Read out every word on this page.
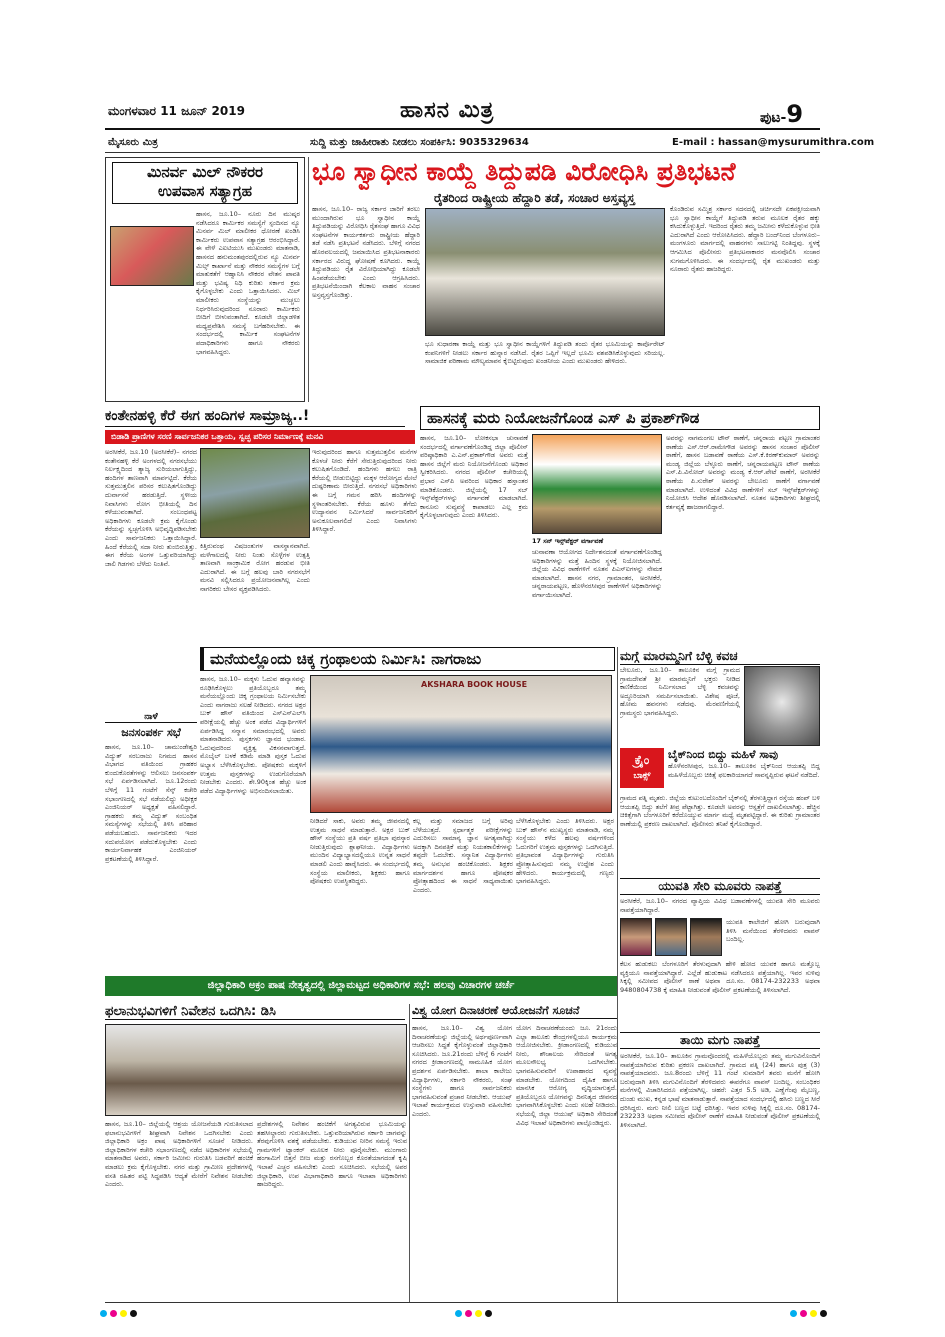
ಮಂಗಳವಾರ 11 ಜೂನ್ 2019	ಹಾಸನ ಮಿತ್ರ	ಪುಟ-9
ಮೈಸೂರು ಮಿತ್ರ	ಸುದ್ದಿ ಮತ್ತು ಜಾಹೀರಾತು ನೀಡಲು ಸಂಪರ್ಕಿಸಿ: 9035329634	E-mail : hassan@mysurumithra.com
ಮಿನರ್ವ ಮಿಲ್ ನೌಕರರ
ಉಪವಾಸ ಸತ್ಯಾಗ್ರಹ
ಹಾಸನ, ಜೂ.10– ನೂರು ದಿನ ಮುಷ್ಕರ ನಡೆಸಿದರೂ ಕಾರ್ಮಿಕರ ಸಮಸ್ಯೆಗೆ ಸ್ಪಂದಿಸದ ನ್ಯೂ ಮಿನರ್ವ ಮಿಲ್ ಮಾಲೀಕರ ಧೋರಣೆ ಖಂಡಿಸಿ ಕಾರ್ಮಿಕರು ಉಪವಾಸ ಸತ್ಯಾಗ್ರಹ ಆರಂಭಿಸಿದ್ದಾರೆ. ಈ ವೇಳೆ ಎಐಟಿಯುಸಿ ಮುಖಂಡರು ಮಾತನಾಡಿ, ಹಾಸನದ ಹನುಮಂತಪುರದಲ್ಲಿರುವ ನ್ಯೂ ಮಿನರ್ವ ಮಿಲ್ಸ್ ಕಾರ್ಖಾನೆ ಮತ್ತು ನೌಕರರ ಸಮಸ್ಯೆಗಳ ಬಗ್ಗೆ ಮಾತುಕತೆಗೆ ಆಹ್ವಾನಿಸಿ ನೌಕರರ ವೇತನ ಪಾವತಿ ಮತ್ತು ಭವಿಷ್ಯ ನಿಧಿ ಕುರಿತು ಸರ್ಕಾರ ಕ್ರಮ ಕೈಗೊಳ್ಳಬೇಕು ಎಂದು ಒತ್ತಾಯಿಸಿದರು. ಮಿಲ್ ಮಾಲೀಕರು ಸಂಸ್ಥೆಯನ್ನು ಮುಚ್ಚಲು ನಿರ್ಧರಿಸಿರುವುದರಿಂದ ನೂರಾರು ಕಾರ್ಮಿಕರು ಬೀದಿಗೆ ಬೀಳುವಂತಾಗಿದೆ. ಕೂಡಲೇ ಜಿಲ್ಲಾಡಳಿತ ಮಧ್ಯಪ್ರವೇಶಿಸಿ ಸಮಸ್ಯೆ ಬಗೆಹರಿಸಬೇಕು. ಈ ಸಂದರ್ಭದಲ್ಲಿ ಕಾರ್ಮಿಕ ಸಂಘಟನೆಗಳ ಪದಾಧಿಕಾರಿಗಳು ಹಾಗೂ ನೌಕರರು ಭಾಗವಹಿಸಿದ್ದರು.
ಭೂ ಸ್ವಾಧೀನ ಕಾಯ್ದೆ ತಿದ್ದುಪಡಿ ವಿರೋಧಿಸಿ ಪ್ರತಿಭಟನೆ
ರೈತರಿಂದ ರಾಷ್ಟ್ರೀಯ ಹೆದ್ದಾರಿ ತಡೆ, ಸಂಚಾರ ಅಸ್ತವ್ಯಸ್ತ
ಹಾಸನ, ಜೂ.10– ರಾಜ್ಯ ಸರ್ಕಾರ ಜಾರಿಗೆ ತರಲು ಮುಂದಾಗಿರುವ ಭೂ ಸ್ವಾಧೀನ ಕಾಯ್ದೆ ತಿದ್ದುಪಡಿಯನ್ನು ವಿರೋಧಿಸಿ ರೈತಸಂಘ ಹಾಗೂ ವಿವಿಧ ಸಂಘಟನೆಗಳ ಕಾರ್ಯಕರ್ತರು ರಾಷ್ಟ್ರೀಯ ಹೆದ್ದಾರಿ ತಡೆ ನಡೆಸಿ ಪ್ರತಿಭಟನೆ ನಡೆಸಿದರು. ಬೆಳಿಗ್ಗೆ ನಗರದ ಹೊರವಲಯದಲ್ಲಿ ಜಮಾಯಿಸಿದ ಪ್ರತಿಭಟನಾಕಾರರು ಸರ್ಕಾರದ ವಿರುದ್ಧ ಘೋಷಣೆ ಕೂಗಿದರು. ಕಾಯ್ದೆ ತಿದ್ದುಪಡಿಯು ರೈತ ವಿರೋಧಿಯಾಗಿದ್ದು ಕೂಡಲೇ ಹಿಂಪಡೆಯಬೇಕು ಎಂದು ಆಗ್ರಹಿಸಿದರು. ಪ್ರತಿಭಟನೆಯಿಂದಾಗಿ ಕೆಲಕಾಲ ವಾಹನ ಸಂಚಾರ ಅಸ್ತವ್ಯಸ್ತಗೊಂಡಿತ್ತು.
ಭೂ ಸುಧಾರಣಾ ಕಾಯ್ದೆ ಮತ್ತು ಭೂ ಸ್ವಾಧೀನ ಕಾಯ್ದೆಗಳಿಗೆ ತಿದ್ದುಪಡಿ ತಂದು ರೈತರ ಭೂಮಿಯನ್ನು ಕಾರ್ಪೊರೇಟ್ ಕಂಪನಿಗಳಿಗೆ ನೀಡಲು ಸರ್ಕಾರ ಹುನ್ನಾರ ನಡೆಸಿದೆ. ರೈತರ ಒಪ್ಪಿಗೆ ಇಲ್ಲದೆ ಭೂಮಿ ವಶಪಡಿಸಿಕೊಳ್ಳುವುದು ಸರಿಯಲ್ಲ. ಸಾಮಾಜಿಕ ಪರಿಣಾಮ ಮೌಲ್ಯಮಾಪನ ಕೈಬಿಟ್ಟಿರುವುದು ಖಂಡನೀಯ ಎಂದು ಮುಖಂಡರು ಹೇಳಿದರು.
ಕೊಂಡಿರುವ ಸಮ್ಮಿಶ್ರ ಸರ್ಕಾರ ಸದನದಲ್ಲಿ ಚರ್ಚಿಸದೇ ಏಕಪಕ್ಷೀಯವಾಗಿ ಭೂ ಸ್ವಾಧೀನ ಕಾಯ್ದೆಗೆ ತಿದ್ದುಪಡಿ ತರುವ ಮೂಲಕ ರೈತರ ಹಕ್ಕು ಕಸಿದುಕೊಳ್ಳುತ್ತಿದೆ. ಇದರಿಂದ ರೈತರು ತಮ್ಮ ಜಮೀನು ಕಳೆದುಕೊಳ್ಳುವ ಭೀತಿ ಎದುರಾಗಿದೆ ಎಂದು ಆರೋಪಿಸಿದರು. ಹೆದ್ದಾರಿ ಬಂದ್‌ನಿಂದ ಬೆಂಗಳೂರು–ಮಂಗಳೂರು ಮಾರ್ಗದಲ್ಲಿ ವಾಹನಗಳು ಸಾಲುಗಟ್ಟಿ ನಿಂತಿದ್ದವು. ಸ್ಥಳಕ್ಕೆ ಆಗಮಿಸಿದ ಪೊಲೀಸರು ಪ್ರತಿಭಟನಾಕಾರರ ಮನವೊಲಿಸಿ ಸಂಚಾರ ಸುಗಮಗೊಳಿಸಿದರು. ಈ ಸಂದರ್ಭದಲ್ಲಿ ರೈತ ಮುಖಂಡರು ಮತ್ತು ನೂರಾರು ರೈತರು ಹಾಜರಿದ್ದರು.
ಕಂತೇನಹಳ್ಳಿ ಕೆರೆ ಈಗ ಹಂದಿಗಳ ಸಾಮ್ರಾಜ್ಯ..!
ಬಿಡಾಡಿ ಪ್ರಾಣಿಗಳ ಸರಣಿ ಸಾರ್ವಜನಿಕರ ಒತ್ತಾಯ, ಸ್ವಚ್ಛ ಪರಿಸರ ನಿರ್ಮಾಣಕ್ಕೆ ಮನವಿ
ಅರಸೀಕೆರೆ, ಜೂ.10 (ಅರಸೀಕೆರೆ)– ನಗರದ ಕಂತೇನಹಳ್ಳಿ ಕೆರೆ ಅಂಗಳದಲ್ಲಿ ನಗರಸಭೆಯು ನಿರ್ಲಕ್ಷ್ಯದಿಂದ ತ್ಯಾಜ್ಯ ಸುರಿಯಲಾಗುತ್ತಿದ್ದು, ಹಂದಿಗಳ ತಾಣವಾಗಿ ಮಾರ್ಪಟ್ಟಿದೆ. ಕೆರೆಯ ಸುತ್ತಮುತ್ತಲಿನ ಪರಿಸರ ಕಲುಷಿತಗೊಂಡಿದ್ದು ದುರ್ವಾಸನೆ ಹರಡುತ್ತಿದೆ. ಸ್ಥಳೀಯ ನಿವಾಸಿಗಳು ರೋಗ ಭೀತಿಯಲ್ಲಿ ದಿನ ಕಳೆಯುವಂತಾಗಿದೆ. ಸಂಬಂಧಪಟ್ಟ ಅಧಿಕಾರಿಗಳು ಕೂಡಲೇ ಕ್ರಮ ಕೈಗೊಂಡು ಕೆರೆಯನ್ನು ಸ್ವಚ್ಛಗೊಳಿಸಿ ಅಭಿವೃದ್ಧಿಪಡಿಸಬೇಕು ಎಂದು ಸಾರ್ವಜನಿಕರು ಒತ್ತಾಯಿಸಿದ್ದಾರೆ. ಹಿಂದೆ ಕೆರೆಯಲ್ಲಿ ಸದಾ ನೀರು ತುಂಬಿರುತ್ತಿತ್ತು. ಈಗ ಕೆರೆಯ ಅಂಗಳ ಒತ್ತುವರಿಯಾಗಿದ್ದು ಜಾಲಿ ಗಿಡಗಳು ಬೆಳೆದು ನಿಂತಿವೆ.
ಇರುವುದರಿಂದ ಹಾಗೂ ಸುತ್ತಮುತ್ತಲಿನ ಮನೆಗಳ ಕೊಳಚೆ ನೀರು ಕೆರೆಗೆ ಸೇರುತ್ತಿರುವುದರಿಂದ ನೀರು ಕಲುಷಿತಗೊಂಡಿದೆ. ಹಂದಿಗಳು ಹಗಲು ರಾತ್ರಿ ಕೆರೆಯಲ್ಲಿ ಬೀಡುಬಿಟ್ಟಿದ್ದು ಮಕ್ಕಳ ಆರೋಗ್ಯದ ಮೇಲೆ ದುಷ್ಪರಿಣಾಮ ಬೀರುತ್ತಿದೆ. ನಗರಸಭೆ ಅಧಿಕಾರಿಗಳು ಈ ಬಗ್ಗೆ ಗಮನ ಹರಿಸಿ ಹಂದಿಗಳನ್ನು ಸ್ಥಳಾಂತರಿಸಬೇಕು. ಕೆರೆಯ ಹೂಳು ತೆಗೆದು ಉದ್ಯಾನವನ ನಿರ್ಮಿಸಿದರೆ ಸಾರ್ವಜನಿಕರಿಗೆ ಅನುಕೂಲವಾಗಲಿದೆ ಎಂದು ನಿವಾಸಿಗಳು ತಿಳಿಸಿದ್ದಾರೆ.
ಕಿತ್ತಿರುವಂಥ ವಿಷಜಂತುಗಳ ವಾಸಸ್ಥಾನವಾಗಿದೆ. ಮಳೆಗಾಲದಲ್ಲಿ ನೀರು ನಿಂತು ಸೊಳ್ಳೆಗಳ ಉತ್ಪತ್ತಿ ತಾಣವಾಗಿ ಸಾಂಕ್ರಾಮಿಕ ರೋಗ ಹರಡುವ ಭೀತಿ ಎದುರಾಗಿದೆ. ಈ ಬಗ್ಗೆ ಹಲವು ಬಾರಿ ನಗರಸಭೆಗೆ ಮನವಿ ಸಲ್ಲಿಸಿದರೂ ಪ್ರಯೋಜನವಾಗಿಲ್ಲ ಎಂದು ನಾಗರಿಕರು ಬೇಸರ ವ್ಯಕ್ತಪಡಿಸಿದರು.
ಹಾಸನಕ್ಕೆ ಮರು ನಿಯೋಜನೆಗೊಂಡ ಎಸ್ ಪಿ ಪ್ರಕಾಶ್‌ಗೌಡ
ಹಾಸನ, ಜೂ.10– ಲೋಕಸಭಾ ಚುನಾವಣೆ ಸಂದರ್ಭದಲ್ಲಿ ವರ್ಗಾವಣೆಗೊಂಡಿದ್ದ ಜಿಲ್ಲಾ ಪೊಲೀಸ್ ವರಿಷ್ಠಾಧಿಕಾರಿ ಎ.ಎನ್.ಪ್ರಕಾಶ್‌ಗೌಡ ಅವರು ಮತ್ತೆ ಹಾಸನ ಜಿಲ್ಲೆಗೆ ಮರು ನಿಯೋಜನೆಗೊಂಡು ಅಧಿಕಾರ ಸ್ವೀಕರಿಸಿದರು. ನಗರದ ಪೊಲೀಸ್ ಕಚೇರಿಯಲ್ಲಿ ಪ್ರಭಾರ ಎಸ್‌ಪಿ ಅವರಿಂದ ಅಧಿಕಾರ ಹಸ್ತಾಂತರ ಮಾಡಿಕೊಂಡರು. ಜಿಲ್ಲೆಯಲ್ಲಿ 17 ಸಬ್ ಇನ್ಸ್‌ಪೆಕ್ಟರ್‌ಗಳನ್ನು ವರ್ಗಾವಣೆ ಮಾಡಲಾಗಿದೆ. ಕಾನೂನು ಸುವ್ಯವಸ್ಥೆ ಕಾಪಾಡಲು ಎಲ್ಲ ಕ್ರಮ ಕೈಗೊಳ್ಳಲಾಗುವುದು ಎಂದು ತಿಳಿಸಿದರು.
17 ಸನ್ ಇನ್ಸ್‌ಪೆಕ್ಟರ್ ವರ್ಗಾವಣೆ
ಚುನಾವಣಾ ಆಯೋಗದ ನಿರ್ದೇಶನದಂತೆ ವರ್ಗಾವಣೆಗೊಂಡಿದ್ದ ಅಧಿಕಾರಿಗಳನ್ನು ಮತ್ತೆ ಹಿಂದಿನ ಸ್ಥಳಕ್ಕೆ ನಿಯೋಜಿಸಲಾಗಿದೆ. ಜಿಲ್ಲೆಯ ವಿವಿಧ ಠಾಣೆಗಳಿಗೆ ನೂತನ ಪಿಎಸ್‌ಐಗಳನ್ನು ನೇಮಕ ಮಾಡಲಾಗಿದೆ. ಹಾಸನ ನಗರ, ಗ್ರಾಮಾಂತರ, ಅರಸೀಕೆರೆ, ಚನ್ನರಾಯಪಟ್ಟಣ, ಹೊಳೆನರಸೀಪುರ ಠಾಣೆಗಳಿಗೆ ಅಧಿಕಾರಿಗಳನ್ನು ವರ್ಗಾಯಿಸಲಾಗಿದೆ.
ಅವರನ್ನು ನಾಗಮಂಗಲ ಟೌನ್ ಠಾಣೆಗೆ, ಚನ್ನರಾಯ ಪಟ್ಟಣ ಗ್ರಾಮಾಂತರ ಠಾಣೆಯ ಎಸ್.ಆರ್.ರಾಮೇಗೌಡ ಅವರನ್ನು ಹಾಸನ ಸಂಚಾರ ಪೊಲೀಸ್ ಠಾಣೆಗೆ, ಹಾಸನ ಬಡಾವಣೆ ಠಾಣೆಯ ಎಸ್.ಕೆ.ಕಿರಣ್‌ಕುಮಾರ್ ಅವರನ್ನು ಮಂಡ್ಯ ಜಿಲ್ಲೆಯ ಬೆಳ್ಳೂರು ಠಾಣೆಗೆ, ಚನ್ನರಾಯಪಟ್ಟಣ ಟೌನ್ ಠಾಣೆಯ ಎಸ್.ಪಿ.ವಿನೋದ್ ಅವರನ್ನು ಮಂಡ್ಯ ಕೆ.ಆರ್.ಪೇಟೆ ಠಾಣೆಗೆ, ಅರಸೀಕೆರೆ ಠಾಣೆಯ ಪಿ.ಸುರೇಶ್ ಅವರನ್ನು ಬೇಲೂರು ಠಾಣೆಗೆ ವರ್ಗಾವಣೆ ಮಾಡಲಾಗಿದೆ. ಉಳಿದಂತೆ ವಿವಿಧ ಠಾಣೆಗಳಿಗೆ ಸಬ್ ಇನ್ಸ್‌ಪೆಕ್ಟರ್‌ಗಳನ್ನು ನಿಯೋಜಿಸಿ ಆದೇಶ ಹೊರಡಿಸಲಾಗಿದೆ. ನೂತನ ಅಧಿಕಾರಿಗಳು ಶೀಘ್ರದಲ್ಲಿ ಕರ್ತವ್ಯಕ್ಕೆ ಹಾಜರಾಗಲಿದ್ದಾರೆ.
ಮನೆಯಲ್ಲೊಂದು ಚಿಕ್ಕ ಗ್ರಂಥಾಲಯ ನಿರ್ಮಿಸಿ: ನಾಗರಾಜು
AKSHARA BOOK HOUSE
ಹಾಸನ, ಜೂ.10– ಮಕ್ಕಳು ಓದುವ ಹವ್ಯಾಸವನ್ನು ರೂಢಿಸಿಕೊಳ್ಳಲು ಪ್ರತಿಯೊಬ್ಬರೂ ತಮ್ಮ ಮನೆಯಲ್ಲೊಂದು ಚಿಕ್ಕ ಗ್ರಂಥಾಲಯ ನಿರ್ಮಿಸಬೇಕು ಎಂದು ನಾಗರಾಜು ಸಲಹೆ ನೀಡಿದರು. ನಗರದ ಅಕ್ಷರ ಬುಕ್ ಹೌಸ್ ವತಿಯಿಂದ ಎಸ್‌ಎಸ್‌ಎಲ್‌ಸಿ ಪರೀಕ್ಷೆಯಲ್ಲಿ ಹೆಚ್ಚು ಅಂಕ ಪಡೆದ ವಿದ್ಯಾರ್ಥಿಗಳಿಗೆ ಏರ್ಪಡಿಸಿದ್ದ ಸನ್ಮಾನ ಸಮಾರಂಭದಲ್ಲಿ ಅವರು ಮಾತನಾಡಿದರು. ಪುಸ್ತಕಗಳು ಜ್ಞಾನದ ಭಂಡಾರ. ಓದುವುದರಿಂದ ವ್ಯಕ್ತಿತ್ವ ವಿಕಸನವಾಗುತ್ತದೆ. ಮೊಬೈಲ್ ಬಳಕೆ ಕಡಿಮೆ ಮಾಡಿ ಪುಸ್ತಕ ಓದುವ ಅಭ್ಯಾಸ ಬೆಳೆಸಿಕೊಳ್ಳಬೇಕು. ಪೋಷಕರು ಮಕ್ಕಳಿಗೆ ಉತ್ತಮ ಪುಸ್ತಕಗಳನ್ನು ಉಡುಗೊರೆಯಾಗಿ ನೀಡಬೇಕು ಎಂದರು. ಶೇ.90ಕ್ಕಿಂತ ಹೆಚ್ಚು ಅಂಕ ಪಡೆದ ವಿದ್ಯಾರ್ಥಿಗಳನ್ನು ಅಭಿನಂದಿಸಲಾಯಿತು.
ನೀಡಿದರೆ ಸಾಕು, ಅವರು ತಮ್ಮ ಜೀವನದಲ್ಲಿ ಉತ್ತಮ ಸಾಧನೆ ಮಾಡುತ್ತಾರೆ. ಅಕ್ಷರ ಬುಕ್ ಹೌಸ್ ಸಂಸ್ಥೆಯು ಪ್ರತಿ ವರ್ಷ ಪ್ರತಿಭಾ ಪುರಸ್ಕಾರ ನೀಡುತ್ತಿರುವುದು ಶ್ಲಾಘನೀಯ. ವಿದ್ಯಾರ್ಥಿಗಳು ಮುಂದಿನ ವಿದ್ಯಾಭ್ಯಾಸದಲ್ಲಿಯೂ ಉನ್ನತ ಸಾಧನೆ ಮಾಡಲಿ ಎಂದು ಹಾರೈಸಿದರು. ಈ ಸಂದರ್ಭದಲ್ಲಿ ಸಂಸ್ಥೆಯ ಮಾಲೀಕರು, ಶಿಕ್ಷಕರು ಹಾಗೂ ಪೋಷಕರು ಉಪಸ್ಥಿತರಿದ್ದರು.
ಕಲ್ಲ ಮತ್ತು ಸಮಾಜದ ಬಗ್ಗೆ ಅರಿವು ಬೆಳೆಯುತ್ತದೆ. ಸ್ಪರ್ಧಾತ್ಮಕ ಪರೀಕ್ಷೆಗಳನ್ನು ಎದುರಿಸಲು ಸಾಮಾನ್ಯ ಜ್ಞಾನ ಅಗತ್ಯವಾಗಿದ್ದು ಅದಕ್ಕಾಗಿ ದಿನಪತ್ರಿಕೆ ಮತ್ತು ನಿಯತಕಾಲಿಕೆಗಳನ್ನು ತಪ್ಪದೇ ಓದಬೇಕು. ಸನ್ಮಾನಿತ ವಿದ್ಯಾರ್ಥಿಗಳು ತಮ್ಮ ಅನುಭವ ಹಂಚಿಕೊಂಡರು. ಶಿಕ್ಷಕರ ಮಾರ್ಗದರ್ಶನ ಹಾಗೂ ಪೋಷಕರ ಪ್ರೋತ್ಸಾಹದಿಂದ ಈ ಸಾಧನೆ ಸಾಧ್ಯವಾಯಿತು ಎಂದರು.
ಬೆಳೆಸಿಕೊಳ್ಳಬೇಕು ಎಂದು ತಿಳಿಸಿದರು. ಅಕ್ಷರ ಬುಕ್ ಹೌಸ್‌ನ ಮುಖ್ಯಸ್ಥರು ಮಾತನಾಡಿ, ನಮ್ಮ ಸಂಸ್ಥೆಯು ಕಳೆದ ಹಲವು ವರ್ಷಗಳಿಂದ ಓದುಗರಿಗೆ ಉತ್ತಮ ಪುಸ್ತಕಗಳನ್ನು ಒದಗಿಸುತ್ತಿದೆ. ಪ್ರತಿಭಾವಂತ ವಿದ್ಯಾರ್ಥಿಗಳನ್ನು ಗುರುತಿಸಿ ಪ್ರೋತ್ಸಾಹಿಸುವುದು ನಮ್ಮ ಉದ್ದೇಶ ಎಂದು ಹೇಳಿದರು. ಕಾರ್ಯಕ್ರಮದಲ್ಲಿ ಗಣ್ಯರು ಭಾಗವಹಿಸಿದ್ದರು.
ನಾಳೆ
ಜನಸಂಪರ್ಕ ಸಭೆ
ಹಾಸನ, ಜೂ.10– ಚಾಮುಂಡೇಶ್ವರಿ ವಿದ್ಯುತ್ ಸರಬರಾಜು ನಿಗಮದ ಹಾಸನ ವಿಭಾಗದ ವತಿಯಿಂದ ಗ್ರಾಹಕರ ಕುಂದುಕೊರತೆಗಳನ್ನು ಆಲಿಸಲು ಜನಸಂಪರ್ಕ ಸಭೆ ಏರ್ಪಡಿಸಲಾಗಿದೆ. ಜೂ.12ರಂದು ಬೆಳಿಗ್ಗೆ 11 ಗಂಟೆಗೆ ಸೆಸ್ಕ್ ಕಚೇರಿ ಸಭಾಂಗಣದಲ್ಲಿ ಸಭೆ ನಡೆಯಲಿದ್ದು ಅಧೀಕ್ಷಕ ಎಂಜಿನಿಯರ್ ಅಧ್ಯಕ್ಷತೆ ವಹಿಸಲಿದ್ದಾರೆ. ಗ್ರಾಹಕರು ತಮ್ಮ ವಿದ್ಯುತ್ ಸಂಬಂಧಿತ ಸಮಸ್ಯೆಗಳನ್ನು ಸಭೆಯಲ್ಲಿ ತಿಳಿಸಿ ಪರಿಹಾರ ಪಡೆಯಬಹುದು. ಸಾರ್ವಜನಿಕರು ಇದರ ಸದುಪಯೋಗ ಪಡೆದುಕೊಳ್ಳಬೇಕು ಎಂದು ಕಾರ್ಯನಿರ್ವಾಹಕ ಎಂಜಿನಿಯರ್ ಪ್ರಕಟಣೆಯಲ್ಲಿ ತಿಳಿಸಿದ್ದಾರೆ.
ಮಗ್ಗೆ ಮಾರಮ್ಮನಿಗೆ ಬೆಳ್ಳಿ ಕವಚ
ಬೇಲೂರು, ಜೂ.10– ತಾಲೂಕಿನ ಮಗ್ಗೆ ಗ್ರಾಮದ ಗ್ರಾಮದೇವತೆ ಶ್ರೀ ಮಾರಮ್ಮನಿಗೆ ಭಕ್ತರು ನೀಡಿದ ಕಾಣಿಕೆಯಿಂದ ನಿರ್ಮಿಸಲಾದ ಬೆಳ್ಳಿ ಕವಚವನ್ನು ಅದ್ಧೂರಿಯಾಗಿ ಸಮರ್ಪಿಸಲಾಯಿತು. ವಿಶೇಷ ಪೂಜೆ, ಹೋಮ ಹವನಗಳು ನಡೆದವು. ಮೆರವಣಿಗೆಯಲ್ಲಿ ಗ್ರಾಮಸ್ಥರು ಭಾಗವಹಿಸಿದ್ದರು.
ಕ್ರೈಂ
ಬಾಕ್ಸ್
ಬೈಕ್‌ನಿಂದ ಬಿದ್ದು ಮಹಿಳೆ ಸಾವು
ಹೊಳೆನರಸೀಪುರ, ಜೂ.10– ತಾಲೂಕಿನ ಬೈಕ್‌ನಿಂದ ಆಯತಪ್ಪಿ ಬಿದ್ದ ಮಹಿಳೆಯೊಬ್ಬರು ಚಿಕಿತ್ಸೆ ಫಲಕಾರಿಯಾಗದೆ ಸಾವನ್ನಪ್ಪಿರುವ ಘಟನೆ ನಡೆದಿದೆ.
ಗ್ರಾಮದ ಪತ್ನಿ ಮೃತರು. ಜಿಲ್ಲೆಯ ಕುಟುಂಬದೊಂದಿಗೆ ಬೈಕ್‌ನಲ್ಲಿ ತೆರಳುತ್ತಿದ್ದಾಗ ರಸ್ತೆಯ ಹಂಪ್ ಬಳಿ ಆಯತಪ್ಪಿ ಬಿದ್ದು ತಲೆಗೆ ತೀವ್ರ ಪೆಟ್ಟಾಗಿತ್ತು. ಕೂಡಲೇ ಅವರನ್ನು ಆಸ್ಪತ್ರೆಗೆ ದಾಖಲಿಸಲಾಗಿತ್ತು. ಹೆಚ್ಚಿನ ಚಿಕಿತ್ಸೆಗಾಗಿ ಬೆಂಗಳೂರಿಗೆ ಕರೆದೊಯ್ಯುವ ಮಾರ್ಗ ಮಧ್ಯೆ ಮೃತಪಟ್ಟಿದ್ದಾರೆ. ಈ ಕುರಿತು ಗ್ರಾಮಾಂತರ ಠಾಣೆಯಲ್ಲಿ ಪ್ರಕರಣ ದಾಖಲಾಗಿದೆ. ಪೊಲೀಸರು ತನಿಖೆ ಕೈಗೊಂಡಿದ್ದಾರೆ.
ಯುವತಿ ಸೇರಿ ಮೂವರು ನಾಪತ್ತೆ
ಅರಸೀಕೆರೆ, ಜೂ.10– ನಗರದ ವ್ಯಾಪ್ತಿಯ ವಿವಿಧ ಬಡಾವಣೆಗಳಲ್ಲಿ ಯುವತಿ ಸೇರಿ ಮೂವರು ನಾಪತ್ತೆಯಾಗಿದ್ದಾರೆ.
ಯುವತಿ ಕಾಲೇಜಿಗೆ ಹೋಗಿ ಬರುವುದಾಗಿ ತಿಳಿಸಿ ಮನೆಯಿಂದ ತೆರಳಿದವರು ವಾಪಸ್ ಬಂದಿಲ್ಲ.
ಕೆಲಸ ಹುಡುಕಲು ಬೆಂಗಳೂರಿಗೆ ತೆರಳುವುದಾಗಿ ಹೇಳಿ ಹೋದ ಯುವಕ ಹಾಗೂ ಮತ್ತೊಬ್ಬ ವ್ಯಕ್ತಿಯೂ ನಾಪತ್ತೆಯಾಗಿದ್ದಾರೆ. ಎಲ್ಲೆಡೆ ಹುಡುಕಾಟ ನಡೆಸಿದರೂ ಪತ್ತೆಯಾಗಿಲ್ಲ. ಇವರ ಸುಳಿವು ಸಿಕ್ಕಲ್ಲಿ ಸಮೀಪದ ಪೊಲೀಸ್ ಠಾಣೆ ಅಥವಾ ದೂ.ಸಂ. 08174-232233 ಅಥವಾ 9480804738 ಕ್ಕೆ ಮಾಹಿತಿ ನೀಡುವಂತೆ ಪೊಲೀಸ್ ಪ್ರಕಟಣೆಯಲ್ಲಿ ತಿಳಿಸಲಾಗಿದೆ.
ತಾಯಿ ಮಗು ನಾಪತ್ತೆ
ಅರಸೀಕೆರೆ, ಜೂ.10– ತಾಲೂಕಿನ ಗ್ರಾಮವೊಂದರಲ್ಲಿ ಮಹಿಳೆಯೊಬ್ಬರು ತಮ್ಮ ಮಗುವಿನೊಂದಿಗೆ ನಾಪತ್ತೆಯಾಗಿರುವ ಕುರಿತು ಪ್ರಕರಣ ದಾಖಲಾಗಿದೆ. ಗ್ರಾಮದ ಪತ್ನಿ (24) ಹಾಗೂ ಪುತ್ರ (3) ನಾಪತ್ತೆಯಾದವರು. ಜೂ.8ರಂದು ಬೆಳಿಗ್ಗೆ 11 ಗಂಟೆ ಸುಮಾರಿಗೆ ತವರು ಮನೆಗೆ ಹೋಗಿ ಬರುವುದಾಗಿ ತಿಳಿಸಿ ಮಗುವಿನೊಂದಿಗೆ ತೆರಳಿದವರು ಈವರೆಗೂ ವಾಪಸ್ ಬಂದಿಲ್ಲ. ಸಂಬಂಧಿಕರ ಮನೆಗಳಲ್ಲಿ ವಿಚಾರಿಸಿದರೂ ಪತ್ತೆಯಾಗಿಲ್ಲ. ಚಹರೆ: ಎತ್ತರ 5.5 ಅಡಿ, ಎಣ್ಣೆಗೆಂಪು ಮೈಬಣ್ಣ, ದುಂಡು ಮುಖ, ಕನ್ನಡ ಭಾಷೆ ಮಾತನಾಡುತ್ತಾರೆ. ನಾಪತ್ತೆಯಾದ ಸಂದರ್ಭದಲ್ಲಿ ಹಸಿರು ಬಣ್ಣದ ಸೀರೆ ಧರಿಸಿದ್ದರು. ಮಗು ನೀಲಿ ಬಣ್ಣದ ಬಟ್ಟೆ ಧರಿಸಿತ್ತು. ಇವರ ಸುಳಿವು ಸಿಕ್ಕಲ್ಲಿ ದೂ.ಸಂ. 08174-232233 ಅಥವಾ ಸಮೀಪದ ಪೊಲೀಸ್ ಠಾಣೆಗೆ ಮಾಹಿತಿ ನೀಡುವಂತೆ ಪೊಲೀಸ್ ಪ್ರಕಟಣೆಯಲ್ಲಿ ತಿಳಿಸಲಾಗಿದೆ.
ಜಿಲ್ಲಾಧಿಕಾರಿ ಅಕ್ರಂ ಪಾಷ ನೇತೃತ್ವದಲ್ಲಿ ಜಿಲ್ಲಾಮಟ್ಟದ ಅಧಿಕಾರಿಗಳ ಸಭೆ: ಹಲವು ವಿಚಾರಗಳ ಚರ್ಚೆ
ಫಲಾನುಭವಿಗಳಿಗೆ ನಿವೇಶನ ಒದಗಿಸಿ: ಡಿಸಿ
ಹಾಸನ, ಜೂ.10– ಜಿಲ್ಲೆಯಲ್ಲಿ ಆಶ್ರಯ ಯೋಜನೆಯಡಿ ಗುರುತಿಸಲಾದ ಫಲಾನುಭವಿಗಳಿಗೆ ಶೀಘ್ರವಾಗಿ ನಿವೇಶನ ಒದಗಿಸಬೇಕು ಎಂದು ಜಿಲ್ಲಾಧಿಕಾರಿ ಅಕ್ರಂ ಪಾಷ ಅಧಿಕಾರಿಗಳಿಗೆ ಸೂಚನೆ ನೀಡಿದರು. ಜಿಲ್ಲಾಧಿಕಾರಿಗಳ ಕಚೇರಿ ಸಭಾಂಗಣದಲ್ಲಿ ನಡೆದ ಅಧಿಕಾರಿಗಳ ಸಭೆಯಲ್ಲಿ ಮಾತನಾಡಿದ ಅವರು, ಸರ್ಕಾರಿ ಜಮೀನು ಗುರುತಿಸಿ ಬಡವರಿಗೆ ಹಂಚಿಕೆ ಮಾಡಲು ಕ್ರಮ ಕೈಗೊಳ್ಳಬೇಕು. ನಗರ ಮತ್ತು ಗ್ರಾಮೀಣ ಪ್ರದೇಶಗಳಲ್ಲಿ ವಸತಿ ರಹಿತರ ಪಟ್ಟಿ ಸಿದ್ಧಪಡಿಸಿ ಆದ್ಯತೆ ಮೇರೆಗೆ ನಿವೇಶನ ನೀಡಬೇಕು ಎಂದರು.
ಪ್ರದೇಶಗಳಲ್ಲಿ ನಿವೇಶನ ಹಂಚಿಕೆಗೆ ಅಗತ್ಯವಿರುವ ಭೂಮಿಯನ್ನು ತಹಸೀಲ್ದಾರರು ಗುರುತಿಸಬೇಕು. ಒತ್ತುವರಿಯಾಗಿರುವ ಸರ್ಕಾರಿ ಜಾಗವನ್ನು ತೆರವುಗೊಳಿಸಿ ವಶಕ್ಕೆ ಪಡೆಯಬೇಕು. ಕುಡಿಯುವ ನೀರಿನ ಸಮಸ್ಯೆ ಇರುವ ಗ್ರಾಮಗಳಿಗೆ ಟ್ಯಾಂಕರ್ ಮೂಲಕ ನೀರು ಪೂರೈಸಬೇಕು. ಮುಂಗಾರು ಹಂಗಾಮಿಗೆ ಬಿತ್ತನೆ ಬೀಜ ಮತ್ತು ರಸಗೊಬ್ಬರ ಕೊರತೆಯಾಗದಂತೆ ಕೃಷಿ ಇಲಾಖೆ ಎಚ್ಚರ ವಹಿಸಬೇಕು ಎಂದು ಸೂಚಿಸಿದರು. ಸಭೆಯಲ್ಲಿ ಅಪರ ಜಿಲ್ಲಾಧಿಕಾರಿ, ಉಪ ವಿಭಾಗಾಧಿಕಾರಿ ಹಾಗೂ ಇಲಾಖಾ ಅಧಿಕಾರಿಗಳು ಹಾಜರಿದ್ದರು.
ವಿಶ್ವ ಯೋಗ ದಿನಾಚರಣೆ ಆಯೋಜನೆಗೆ ಸೂಚನೆ
ಹಾಸನ, ಜೂ.10– ವಿಶ್ವ ಯೋಗ ದಿನಾಚರಣೆಯನ್ನು ಜಿಲ್ಲೆಯಲ್ಲಿ ಅರ್ಥಪೂರ್ಣವಾಗಿ ಆಚರಿಸಲು ಸಿದ್ಧತೆ ಕೈಗೊಳ್ಳುವಂತೆ ಜಿಲ್ಲಾಧಿಕಾರಿ ಸೂಚಿಸಿದರು. ಜೂ.21ರಂದು ಬೆಳಿಗ್ಗೆ 6 ಗಂಟೆಗೆ ನಗರದ ಕ್ರೀಡಾಂಗಣದಲ್ಲಿ ಸಾಮೂಹಿಕ ಯೋಗ ಪ್ರದರ್ಶನ ಏರ್ಪಡಿಸಬೇಕು. ಶಾಲಾ ಕಾಲೇಜು ವಿದ್ಯಾರ್ಥಿಗಳು, ಸರ್ಕಾರಿ ನೌಕರರು, ಸಂಘ ಸಂಸ್ಥೆಗಳು ಹಾಗೂ ಸಾರ್ವಜನಿಕರು ಭಾಗವಹಿಸುವಂತೆ ಪ್ರಚಾರ ನೀಡಬೇಕು. ಆಯುಷ್ ಇಲಾಖೆ ಕಾರ್ಯಕ್ರಮದ ಉಸ್ತುವಾರಿ ವಹಿಸಬೇಕು ಎಂದರು.
ಯೋಗ ದಿನಾಚರಣೆಯಂದು ಜೂ. 21ರಂದು ಎಲ್ಲಾ ತಾಲೂಕು ಕೇಂದ್ರಗಳಲ್ಲಿಯೂ ಕಾರ್ಯಕ್ರಮ ಆಯೋಜಿಸಬೇಕು. ಕ್ರೀಡಾಂಗಣದಲ್ಲಿ ಕುಡಿಯುವ ನೀರು, ಶೌಚಾಲಯ ಸೇರಿದಂತೆ ಅಗತ್ಯ ಮೂಲಸೌಲಭ್ಯ ಒದಗಿಸಬೇಕು. ಭಾಗವಹಿಸುವವರಿಗೆ ಉಪಾಹಾರದ ವ್ಯವಸ್ಥೆ ಮಾಡಬೇಕು. ಯೋಗದಿಂದ ದೈಹಿಕ ಹಾಗೂ ಮಾನಸಿಕ ಆರೋಗ್ಯ ವೃದ್ಧಿಯಾಗುತ್ತದೆ. ಪ್ರತಿಯೊಬ್ಬರೂ ಯೋಗವನ್ನು ದಿನನಿತ್ಯದ ಜೀವನದ ಭಾಗವಾಗಿಸಿಕೊಳ್ಳಬೇಕು ಎಂದು ಸಲಹೆ ನೀಡಿದರು. ಸಭೆಯಲ್ಲಿ ಜಿಲ್ಲಾ ಆಯುಷ್ ಅಧಿಕಾರಿ ಸೇರಿದಂತೆ ವಿವಿಧ ಇಲಾಖೆ ಅಧಿಕಾರಿಗಳು ಪಾಲ್ಗೊಂಡಿದ್ದರು.
